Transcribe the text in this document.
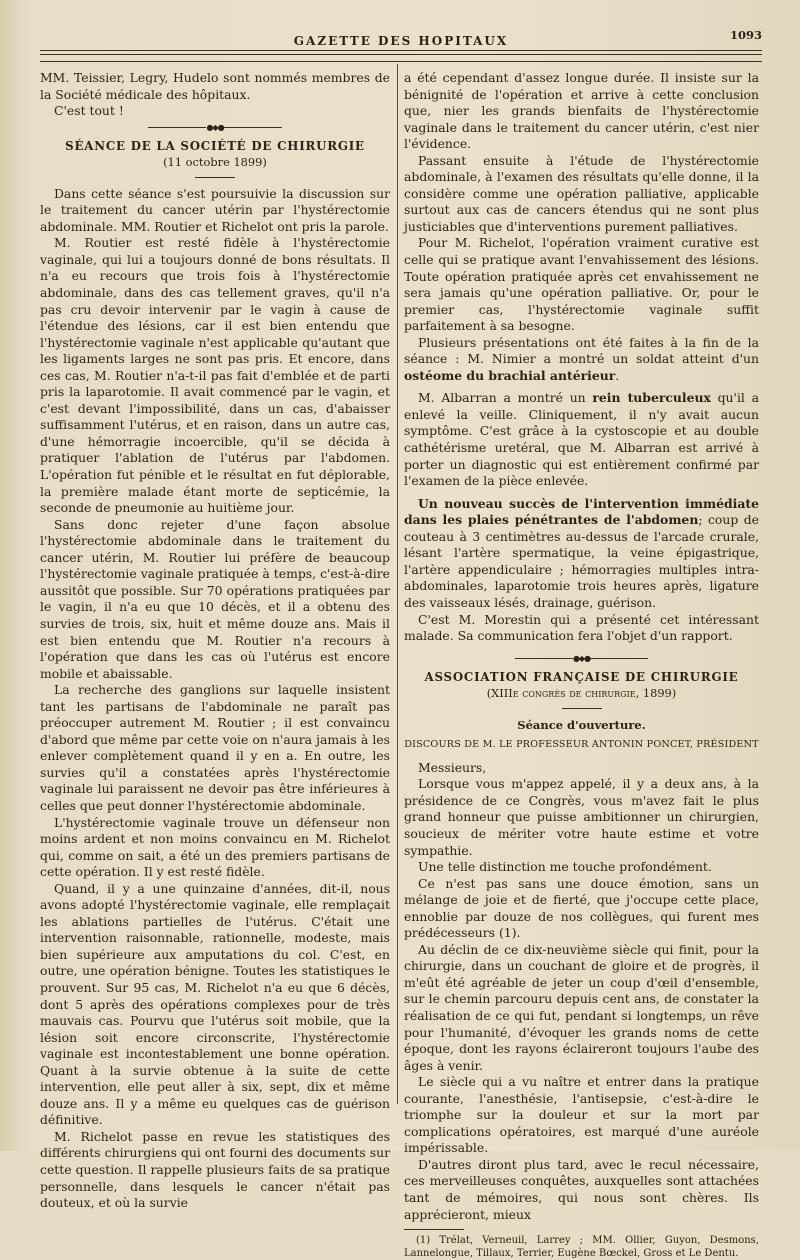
GAZETTE DES HOPITAUX	1093

MM. Teissier, Legry, Hudelo sont nommés membres de la Société médicale des hôpitaux.

C'est tout !

●◆●
SÉANCE DE LA SOCIÉTÉ DE CHIRURGIE
(11 octobre 1899)

Dans cette séance s'est poursuivie la discussion sur le traitement du cancer utérin par l'hystérectomie abdominale. MM. Routier et Richelot ont pris la parole.

M. Routier est resté fidèle à l'hystérectomie vaginale, qui lui a toujours donné de bons résultats. Il n'a eu recours que trois fois à l'hystérectomie abdominale, dans des cas tellement graves, qu'il n'a pas cru devoir intervenir par le vagin à cause de l'étendue des lésions, car il est bien entendu que l'hystérectomie vaginale n'est applicable qu'autant que les ligaments larges ne sont pas pris. Et encore, dans ces cas, M. Routier n'a-t-il pas fait d'emblée et de parti pris la laparotomie. Il avait commencé par le vagin, et c'est devant l'impossibilité, dans un cas, d'abaisser suffisamment l'utérus, et en raison, dans un autre cas, d'une hémorragie incoercible, qu'il se décida à pratiquer l'ablation de l'utérus par l'abdomen. L'opération fut pénible et le résultat en fut déplorable, la première malade étant morte de septicémie, la seconde de pneumonie au huitième jour.

Sans donc rejeter d'une façon absolue l'hystérectomie abdominale dans le traitement du cancer utérin, M. Routier lui préfère de beaucoup l'hystérectomie vaginale pratiquée à temps, c'est-à-dire aussitôt que possible. Sur 70 opérations pratiquées par le vagin, il n'a eu que 10 décès, et il a obtenu des survies de trois, six, huit et même douze ans. Mais il est bien entendu que M. Routier n'a recours à l'opération que dans les cas où l'utérus est encore mobile et abaissable.

La recherche des ganglions sur laquelle insistent tant les partisans de l'abdominale ne paraît pas préoccuper autrement M. Routier ; il est convaincu d'abord que même par cette voie on n'aura jamais à les enlever complètement quand il y en a. En outre, les survies qu'il a constatées après l'hystérectomie vaginale lui paraissent ne devoir pas être inférieures à celles que peut donner l'hystérectomie abdominale.

L'hystérectomie vaginale trouve un défenseur non moins ardent et non moins convaincu en M. Richelot qui, comme on sait, a été un des premiers partisans de cette opération. Il y est resté fidèle.

Quand, il y a une quinzaine d'années, dit-il, nous avons adopté l'hystérectomie vaginale, elle remplaçait les ablations partielles de l'utérus. C'était une intervention raisonnable, rationnelle, modeste, mais bien supérieure aux amputations du col. C'est, en outre, une opération bénigne. Toutes les statistiques le prouvent. Sur 95 cas, M. Richelot n'a eu que 6 décès, dont 5 après des opérations complexes pour de très mauvais cas. Pourvu que l'utérus soit mobile, que la lésion soit encore circonscrite, l'hystérectomie vaginale est incontestablement une bonne opération. Quant à la survie obtenue à la suite de cette intervention, elle peut aller à six, sept, dix et même douze ans. Il y a même eu quelques cas de guérison définitive.

M. Richelot passe en revue les statistiques des différents chirurgiens qui ont fourni des documents sur cette question. Il rappelle plusieurs faits de sa pratique personnelle, dans lesquels le cancer n'était pas douteux, et où la survie

a été cependant d'assez longue durée. Il insiste sur la bénignité de l'opération et arrive à cette conclusion que, nier les grands bienfaits de l'hystérectomie vaginale dans le traitement du cancer utérin, c'est nier l'évidence.

Passant ensuite à l'étude de l'hystérectomie abdominale, à l'examen des résultats qu'elle donne, il la considère comme une opération palliative, applicable surtout aux cas de cancers étendus qui ne sont plus justiciables que d'interventions purement palliatives.

Pour M. Richelot, l'opération vraiment curative est celle qui se pratique avant l'envahissement des lésions. Toute opération pratiquée après cet envahissement ne sera jamais qu'une opération palliative. Or, pour le premier cas, l'hystérectomie vaginale suffit parfaitement à sa besogne.

Plusieurs présentations ont été faites à la fin de la séance : M. Nimier a montré un soldat atteint d'un ostéome du brachial antérieur.

M. Albarran a montré un rein tuberculeux qu'il a enlevé la veille. Cliniquement, il n'y avait aucun symptôme. C'est grâce à la cystoscopie et au double cathétérisme uretéral, que M. Albarran est arrivé à porter un diagnostic qui est entièrement confirmé par l'examen de la pièce enlevée.

Un nouveau succès de l'intervention immédiate dans les plaies pénétrantes de l'abdomen; coup de couteau à 3 centimètres au-dessus de l'arcade crurale, lésant l'artère spermatique, la veine épigastrique, l'artère appendiculaire ; hémorragies multiples intra-abdominales, laparotomie trois heures après, ligature des vaisseaux lésés, drainage, guérison.

C'est M. Morestin qui a présenté cet intéressant malade. Sa communication fera l'objet d'un rapport.

●◆●
ASSOCIATION FRANÇAISE DE CHIRURGIE
(XIIIe congrès de chirurgie, 1899)
Séance d'ouverture.
DISCOURS DE M. LE PROFESSEUR ANTONIN PONCET, PRÉSIDENT

Messieurs,

Lorsque vous m'appez appelé, il y a deux ans, à la présidence de ce Congrès, vous m'avez fait le plus grand honneur que puisse ambitionner un chirurgien, soucieux de mériter votre haute estime et votre sympathie.

Une telle distinction me touche profondément.

Ce n'est pas sans une douce émotion, sans un mélange de joie et de fierté, que j'occupe cette place, ennoblie par douze de nos collègues, qui furent mes prédécesseurs (1).

Au déclin de ce dix-neuvième siècle qui finit, pour la chirurgie, dans un couchant de gloire et de progrès, il m'eût été agréable de jeter un coup d'œil d'ensemble, sur le chemin parcouru depuis cent ans, de constater la réalisation de ce qui fut, pendant si longtemps, un rêve pour l'humanité, d'évoquer les grands noms de cette époque, dont les rayons éclaireront toujours l'aube des âges à venir.

Le siècle qui a vu naître et entrer dans la pratique courante, l'anesthésie, l'antisepsie, c'est-à-dire le triomphe sur la douleur et sur la mort par complications opératoires, est marqué d'une auréole impérissable.

D'autres diront plus tard, avec le recul nécessaire, ces merveilleuses conquêtes, auxquelles sont attachées tant de mémoires, qui nous sont chères. Ils apprécieront, mieux

(1) Trélat, Verneuil, Larrey ; MM. Ollier, Guyon, Desmons, Lannelongue, Tillaux, Terrier, Eugène Bœckel, Gross et Le Dentu.
